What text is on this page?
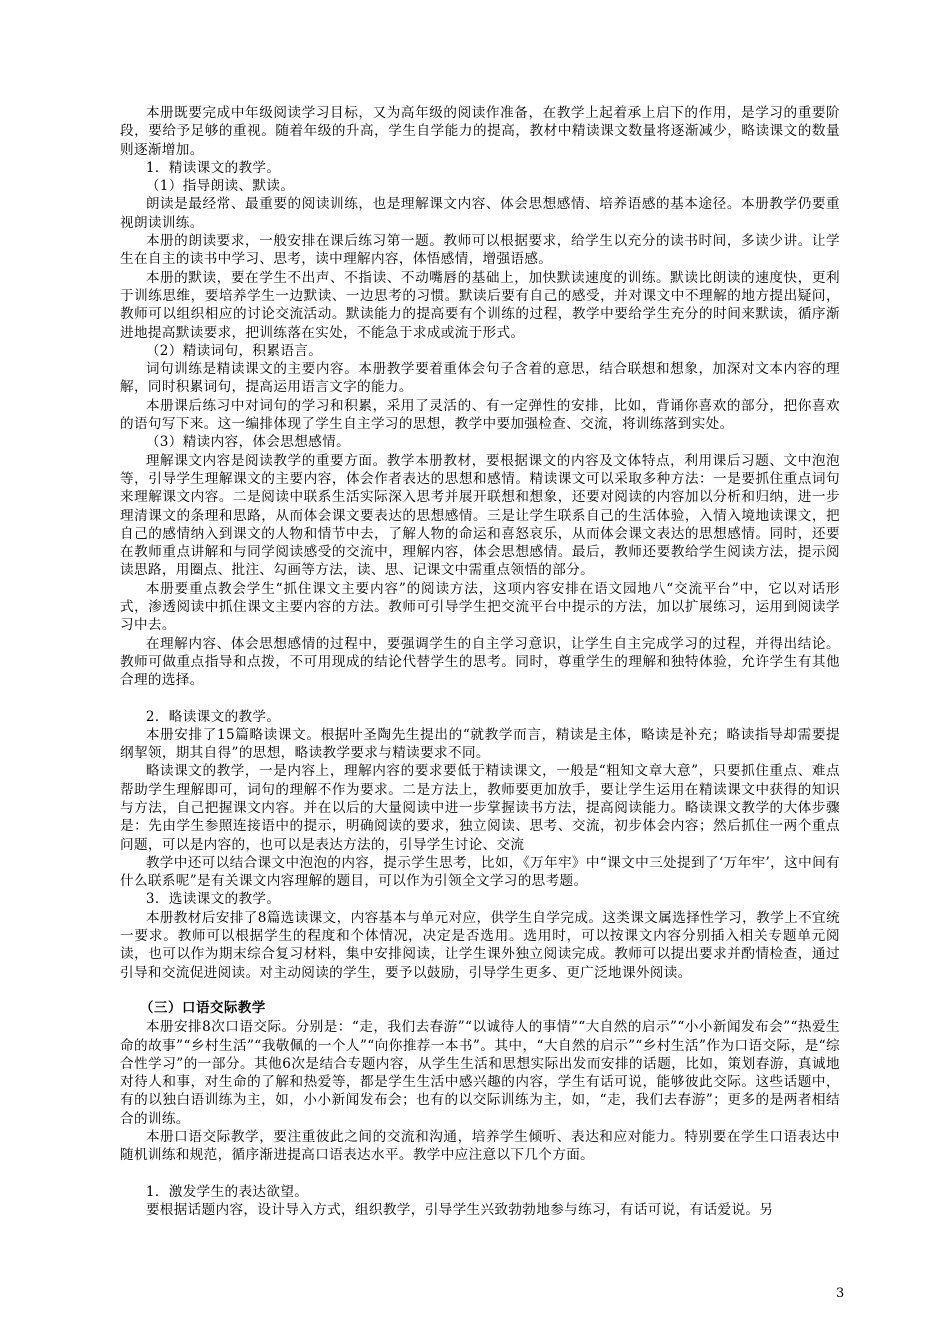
本册既要完成中年级阅读学习目标，又为高年级的阅读作准备，在教学上起着承上启下的作用，是学习的重要阶段，要给予足够的重视。随着年级的升高，学生自学能力的提高，教材中精读课文数量将逐渐减少，略读课文的数量则逐渐增加。

1．精读课文的教学。

（1）指导朗读、默读。

朗读是最经常、最重要的阅读训练，也是理解课文内容、体会思想感情、培养语感的基本途径。本册教学仍要重视朗读训练。

本册的朗读要求，一般安排在课后练习第一题。教师可以根据要求，给学生以充分的读书时间，多读少讲。让学生在自主的读书中学习、思考，读中理解内容，体悟感情，增强语感。

本册的默读，要在学生不出声、不指读、不动嘴唇的基础上，加快默读速度的训练。默读比朗读的速度快，更利于训练思维，要培养学生一边默读、一边思考的习惯。默读后要有自己的感受，并对课文中不理解的地方提出疑问，教师可以组织相应的讨论交流活动。默读能力的提高要有个训练的过程，教学中要给学生充分的时间来默读，循序渐进地提高默读要求，把训练落在实处，不能急于求成或流于形式。

（2）精读词句，积累语言。

词句训练是精读课文的主要内容。本册教学要着重体会句子含着的意思，结合联想和想象，加深对文本内容的理解，同时积累词句，提高运用语言文字的能力。

本册课后练习中对词句的学习和积累，采用了灵活的、有一定弹性的安排，比如，背诵你喜欢的部分，把你喜欢的语句写下来。这一编排体现了学生自主学习的思想，教学中要加强检查、交流，将训练落到实处。

（3）精读内容，体会思想感情。

理解课文内容是阅读教学的重要方面。教学本册教材，要根据课文的内容及文体特点，利用课后习题、文中泡泡等，引导学生理解课文的主要内容，体会作者表达的思想和感情。精读课文可以采取多种方法：一是要抓住重点词句来理解课文内容。二是阅读中联系生活实际深入思考并展开联想和想象，还要对阅读的内容加以分析和归纳，进一步理清课文的条理和思路，从而体会课文要表达的思想感情。三是让学生联系自己的生活体验，入情入境地读课文，把自己的感情纳入到课文的人物和情节中去，了解人物的命运和喜怒哀乐，从而体会课文表达的思想感情。同时，还要在教师重点讲解和与同学阅读感受的交流中，理解内容，体会思想感情。最后，教师还要教给学生阅读方法，提示阅读思路，用圈点、批注、勾画等方法，读、思、记课文中需重点领悟的部分。

本册要重点教会学生“抓住课文主要内容”的阅读方法，这项内容安排在语文园地八“交流平台”中，它以对话形式，渗透阅读中抓住课文主要内容的方法。教师可引导学生把交流平台中提示的方法，加以扩展练习，运用到阅读学习中去。

在理解内容、体会思想感情的过程中，要强调学生的自主学习意识，让学生自主完成学习的过程，并得出结论。教师可做重点指导和点拨，不可用现成的结论代替学生的思考。同时，尊重学生的理解和独特体验，允许学生有其他合理的选择。

2．略读课文的教学。

本册安排了15篇略读课文。根据叶圣陶先生提出的“就教学而言，精读是主体，略读是补充；略读指导却需要提纲挈领，期其自得”的思想，略读教学要求与精读要求不同。

略读课文的教学，一是内容上，理解内容的要求要低于精读课文，一般是“粗知文章大意”，只要抓住重点、难点帮助学生理解即可，词句的理解不作为要求。二是方法上，教师要更加放手，要让学生运用在精读课文中获得的知识与方法，自己把握课文内容。并在以后的大量阅读中进一步掌握读书方法，提高阅读能力。略读课文教学的大体步骤是：先由学生参照连接语中的提示，明确阅读的要求，独立阅读、思考、交流，初步体会内容；然后抓住一两个重点问题，可以是内容的，也可以是表达方法的，引导学生讨论、交流

教学中还可以结合课文中泡泡的内容，提示学生思考，比如，《万年牢》中“课文中三处提到了‘万年牢’，这中间有什么联系呢”是有关课文内容理解的题目，可以作为引领全文学习的思考题。

3．选读课文的教学。

本册教材后安排了8篇选读课文，内容基本与单元对应，供学生自学完成。这类课文属选择性学习，教学上不宜统一要求。教师可以根据学生的程度和个体情况，决定是否选用。选用时，可以按课文内容分别插入相关专题单元阅读，也可以作为期末综合复习材料，集中安排阅读，让学生课外独立阅读完成。教师可以提出要求并酌情检查，通过引导和交流促进阅读。对主动阅读的学生，要予以鼓励，引导学生更多、更广泛地课外阅读。

（三）口语交际教学

本册安排8次口语交际。分别是：“走，我们去春游”“以诚待人的事情”“大自然的启示”“小小新闻发布会”“热爱生命的故事”“乡村生活”“我敬佩的一个人”“向你推荐一本书”。其中，“大自然的启示”“乡村生活”作为口语交际，是“综合性学习”的一部分。其他6次是结合专题内容，从学生生活和思想实际出发而安排的话题，比如，策划春游，真诚地对待人和事，对生命的了解和热爱等，都是学生生活中感兴趣的内容，学生有话可说，能够彼此交际。这些话题中，有的以独白语训练为主，如，小小新闻发布会；也有的以交际训练为主，如，“走，我们去春游”；更多的是两者相结合的训练。

本册口语交际教学，要注重彼此之间的交流和沟通，培养学生倾听、表达和应对能力。特别要在学生口语表达中随机训练和规范，循序渐进提高口语表达水平。教学中应注意以下几个方面。

1．激发学生的表达欲望。

要根据话题内容，设计导入方式，组织教学，引导学生兴致勃勃地参与练习，有话可说，有话爱说。另

3
